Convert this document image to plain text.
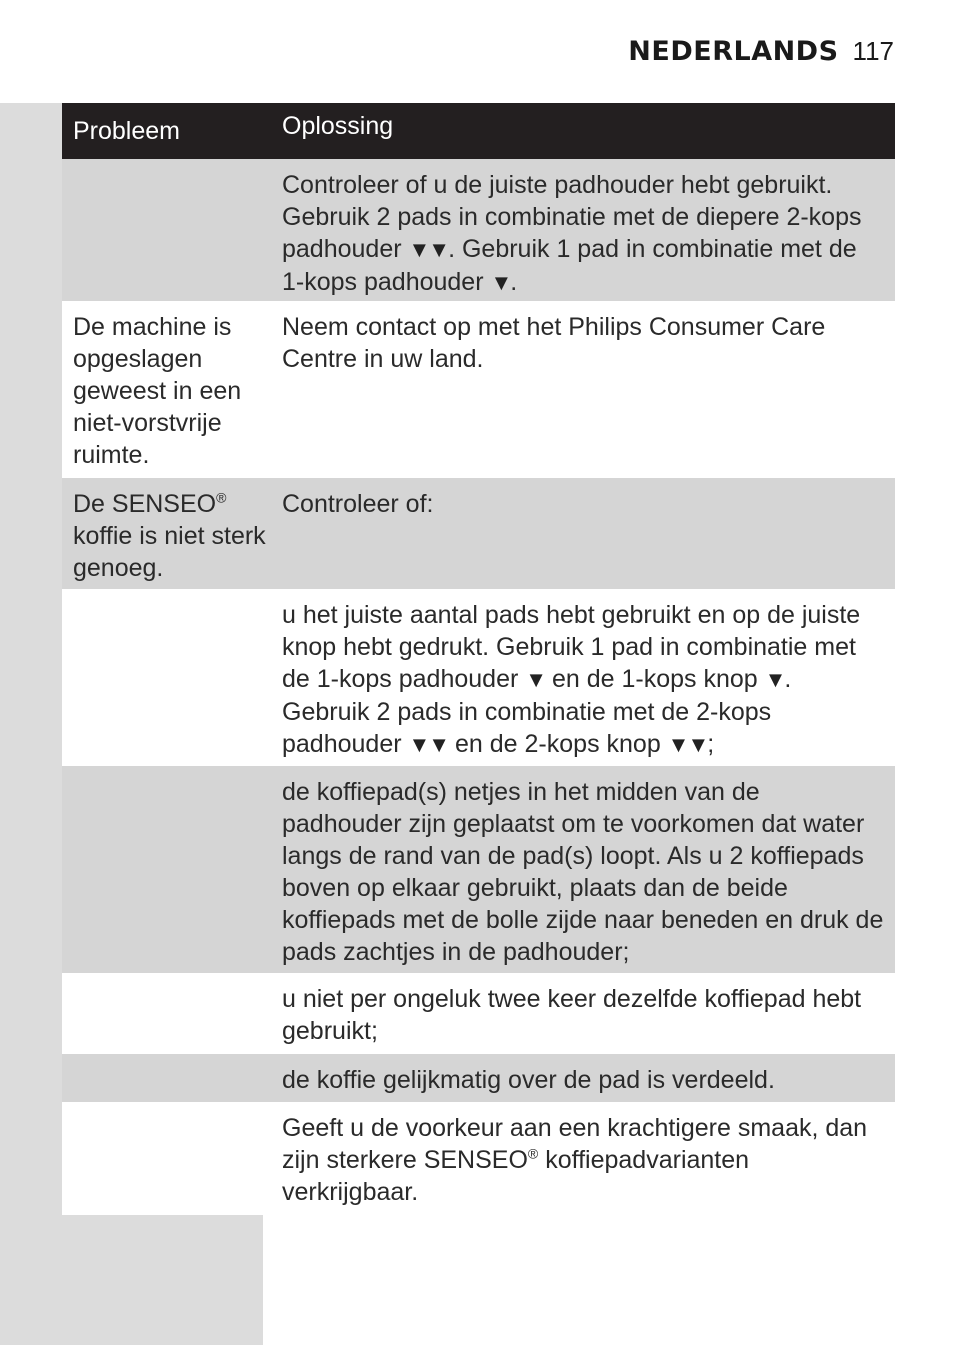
NEDERLANDS 117
Probleem	Oplossing
Controleer of u de juiste padhouder hebt gebruikt. Gebruik 2 pads in combinatie met de diepere 2-kops padhouder ▼▼. Gebruik 1 pad in combinatie met de 1-kops padhouder ▼.
De machine is opgeslagen geweest in een niet-vorstvrije ruimte.
Neem contact op met het Philips Consumer Care Centre in uw land.
De SENSEO® koffie is niet sterk genoeg.
Controleer of:
u het juiste aantal pads hebt gebruikt en op de juiste knop hebt gedrukt. Gebruik 1 pad in combinatie met de 1-kops padhouder ▼ en de 1-kops knop ▼. Gebruik 2 pads in combinatie met de 2-kops padhouder ▼▼ en de 2-kops knop ▼▼;
de koffiepad(s) netjes in het midden van de padhouder zijn geplaatst om te voorkomen dat water langs de rand van de pad(s) loopt. Als u 2 koffiepads boven op elkaar gebruikt, plaats dan de beide koffiepads met de bolle zijde naar beneden en druk de pads zachtjes in de padhouder;
u niet per ongeluk twee keer dezelfde koffiepad hebt gebruikt;
de koffie gelijkmatig over de pad is verdeeld.
Geeft u de voorkeur aan een krachtigere smaak, dan zijn sterkere SENSEO® koffiepadvarianten verkrijgbaar.
